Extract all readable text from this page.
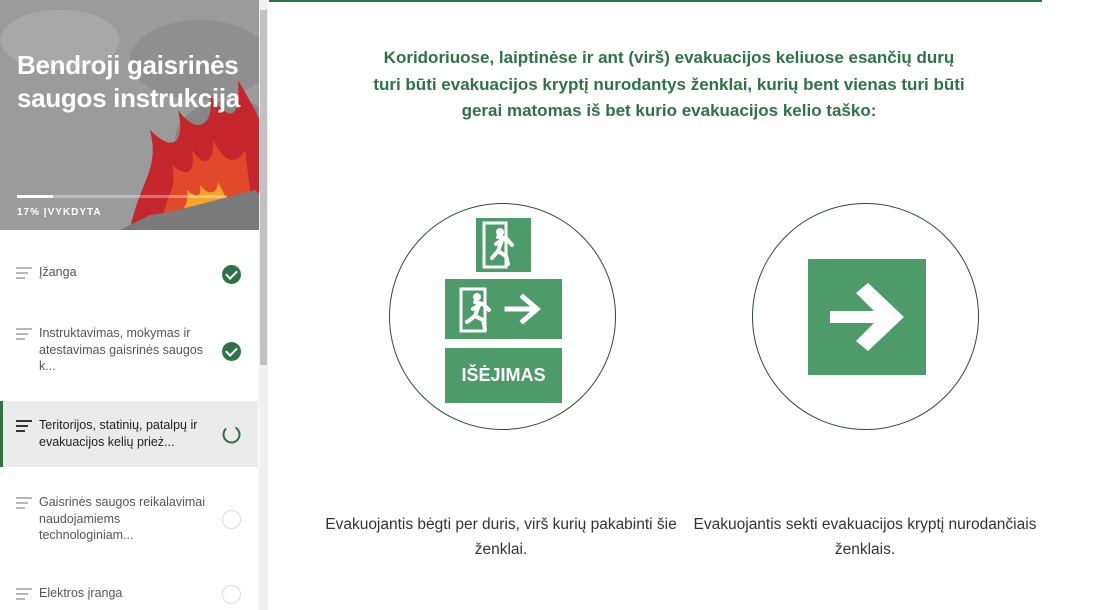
Bendroji gaisrinės saugos instrukcija
17% ĮVYKDYTA
Įžanga
Instruktavimas, mokymas ir atestavimas gaisrinės saugos k...
Teritorijos, statinių, patalpų ir evakuacijos kelių prież...
Gaisrinės saugos reikalavimai naudojamiems technologiniam...
Elektros įranga
Koridoriuose, laiptinėse ir ant (virš) evakuacijos keliuose esančių durų turi būti evakuacijos kryptį nurodantys ženklai, kurių bent vienas turi būti gerai matomas iš bet kurio evakuacijos kelio taško:
IŠĖJIMAS
Evakuojantis bėgti per duris, virš kurių pakabinti šie ženklai.
Evakuojantis sekti evakuacijos kryptį nurodančiais ženklais.
